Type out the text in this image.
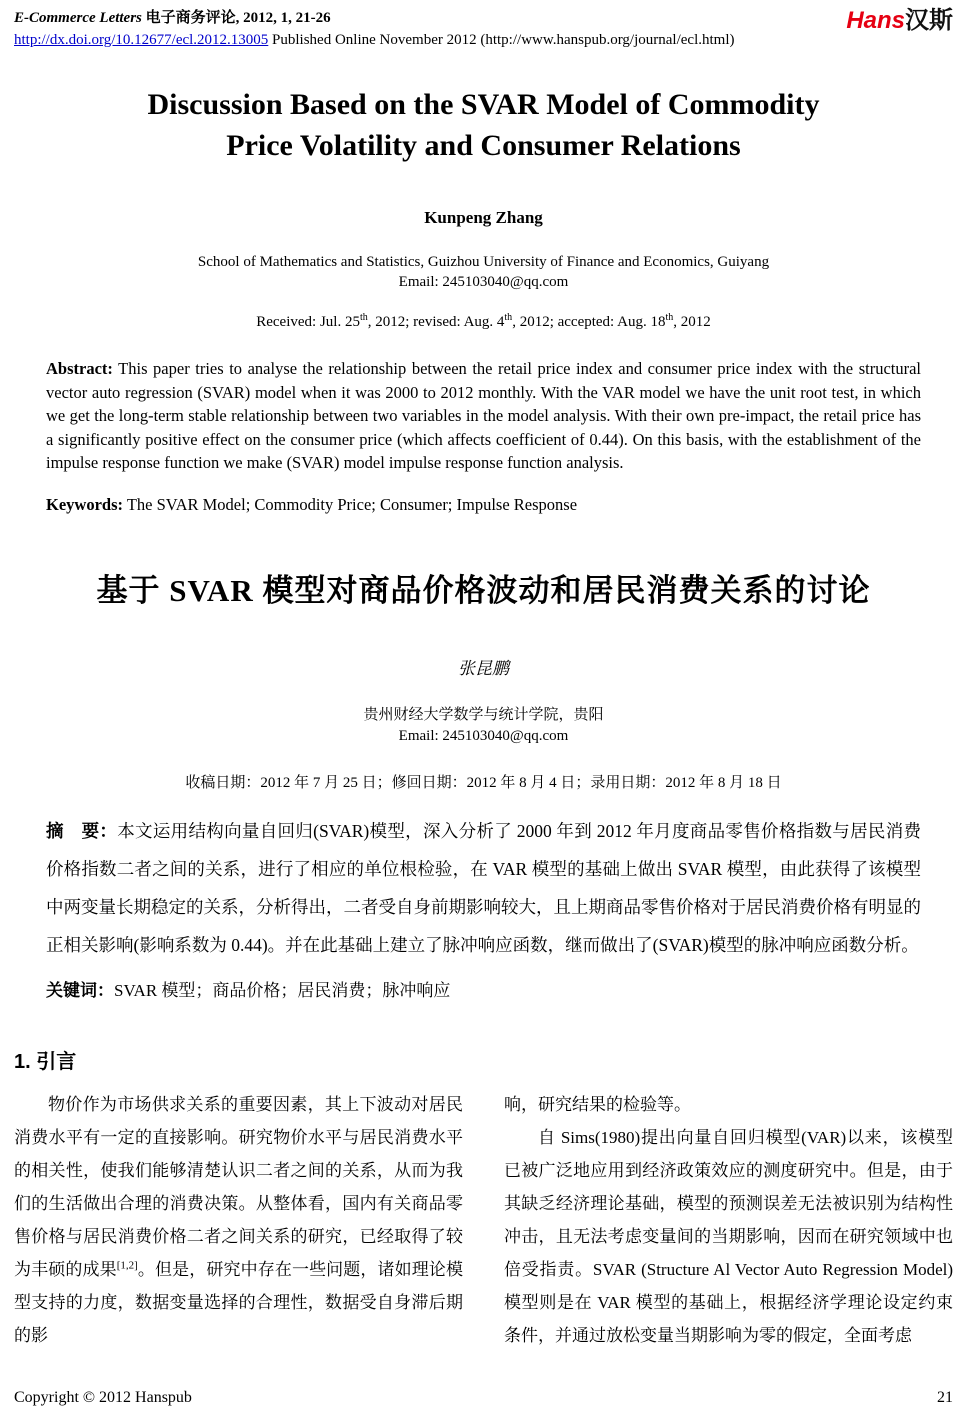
E-Commerce Letters 电子商务评论, 2012, 1, 21-26
http://dx.doi.org/10.12677/ecl.2012.13005 Published Online November 2012 (http://www.hanspub.org/journal/ecl.html)
Hans汉斯
Discussion Based on the SVAR Model of Commodity
Price Volatility and Consumer Relations
Kunpeng Zhang
School of Mathematics and Statistics, Guizhou University of Finance and Economics, Guiyang
Email: 245103040@qq.com
Received: Jul. 25th, 2012; revised: Aug. 4th, 2012; accepted: Aug. 18th, 2012
Abstract: This paper tries to analyse the relationship between the retail price index and consumer price index with the structural vector auto regression (SVAR) model when it was 2000 to 2012 monthly. With the VAR model we have the unit root test, in which we get the long-term stable relationship between two variables in the model analysis. With their own pre-impact, the retail price has a significantly positive effect on the consumer price (which affects coefficient of 0.44). On this basis, with the establishment of the impulse response function we make (SVAR) model impulse response function analysis.
Keywords: The SVAR Model; Commodity Price; Consumer; Impulse Response
基于 SVAR 模型对商品价格波动和居民消费关系的讨论
张昆鹏
贵州财经大学数学与统计学院，贵阳
Email: 245103040@qq.com
收稿日期：2012 年 7 月 25 日；修回日期：2012 年 8 月 4 日；录用日期：2012 年 8 月 18 日
摘　要：本文运用结构向量自回归(SVAR)模型，深入分析了 2000 年到 2012 年月度商品零售价格指数与居民消费价格指数二者之间的关系，进行了相应的单位根检验，在 VAR 模型的基础上做出 SVAR 模型，由此获得了该模型中两变量长期稳定的关系，分析得出，二者受自身前期影响较大，且上期商品零售价格对于居民消费价格有明显的正相关影响(影响系数为 0.44)。并在此基础上建立了脉冲响应函数，继而做出了(SVAR)模型的脉冲响应函数分析。
关键词：SVAR 模型；商品价格；居民消费；脉冲响应
1. 引言

物价作为市场供求关系的重要因素，其上下波动对居民消费水平有一定的直接影响。研究物价水平与居民消费水平的相关性，使我们能够清楚认识二者之间的关系，从而为我们的生活做出合理的消费决策。从整体看，国内有关商品零售价格与居民消费价格二者之间关系的研究，已经取得了较为丰硕的成果[1,2]。但是，研究中存在一些问题，诸如理论模型支持的力度，数据变量选择的合理性，数据受自身滞后期的影

响，研究结果的检验等。

自 Sims(1980)提出向量自回归模型(VAR)以来，该模型已被广泛地应用到经济政策效应的测度研究中。但是，由于其缺乏经济理论基础，模型的预测误差无法被识别为结构性冲击，且无法考虑变量间的当期影响，因而在研究领域中也倍受指责。SVAR (Structure Al Vector Auto Regression Model)模型则是在 VAR 模型的基础上，根据经济学理论设定约束条件，并通过放松变量当期影响为零的假定，全面考虑

Copyright © 2012 Hanspub	21
